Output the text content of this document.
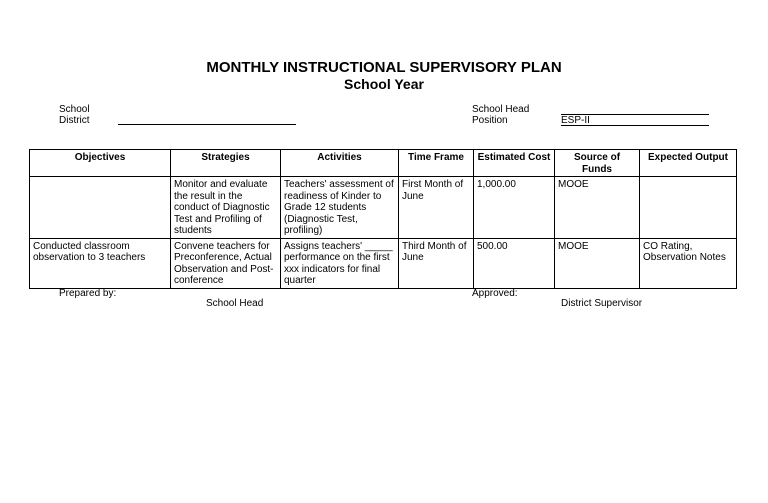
MONTHLY INSTRUCTIONAL SUPERVISORY PLAN
School Year
School
District
School Head
Position	ESP-II
Objectives	Strategies	Activities	Time Frame	Estimated Cost	Source of Funds	Expected Output
	Monitor and evaluate the result in the conduct of Diagnostic Test and Profiling of students	Teachers' assessment of readiness of Kinder to Grade 12 students (Diagnostic Test, profiling)	First Month of June	1,000.00	MOOE	
Conducted classroom observation to 3 teachers	Convene teachers for Preconference, Actual Observation and Post-conference	Assigns teachers' _____ performance on the first xxx indicators for final quarter	Third Month of June	500.00	MOOE	CO Rating, Observation Notes
Prepared by:
School Head
Approved:
District Supervisor
